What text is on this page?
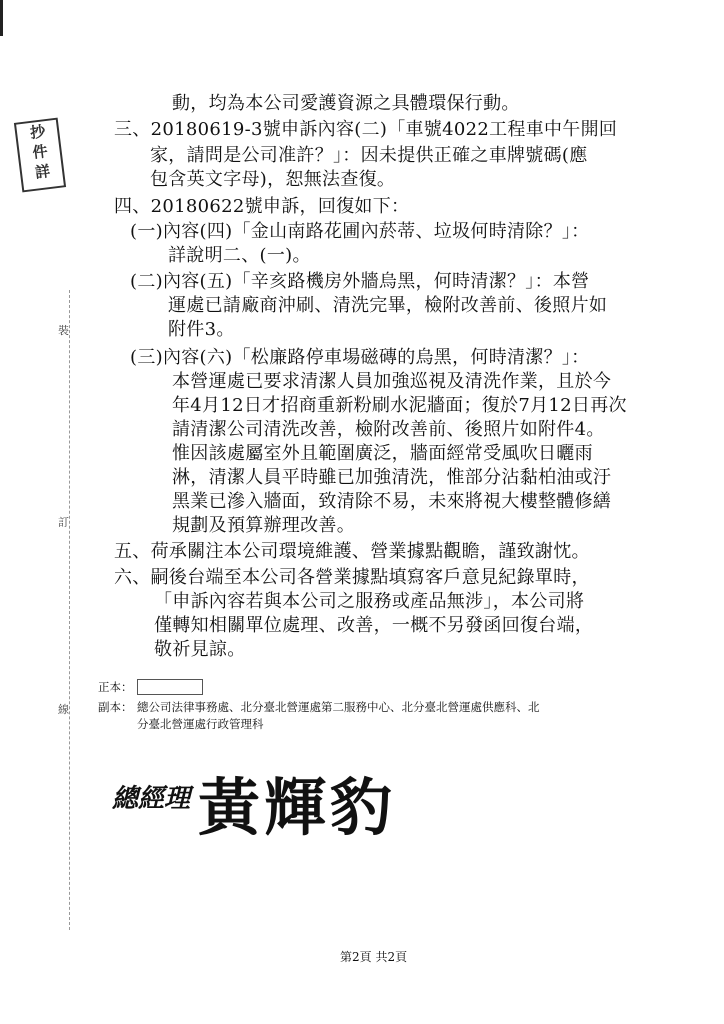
抄
件
詳
裝
訂
線
動，均為本公司愛護資源之具體環保行動。
三、20180619-3號申訴內容(二)「車號4022工程車中午開回
家，請問是公司准許？」：因未提供正確之車牌號碼(應
包含英文字母)，恕無法查復。
四、20180622號申訴，回復如下：
(一)內容(四)「金山南路花圃內菸蒂、垃圾何時清除？」：
詳說明二、(一)。
(二)內容(五)「辛亥路機房外牆烏黑，何時清潔？」：本營
運處已請廠商沖刷、清洗完畢，檢附改善前、後照片如
附件3。
(三)內容(六)「松廉路停車場磁磚的烏黑，何時清潔？」：
本營運處已要求清潔人員加強巡視及清洗作業，且於今
年4月12日才招商重新粉刷水泥牆面；復於7月12日再次
請清潔公司清洗改善，檢附改善前、後照片如附件4。
惟因該處屬室外且範圍廣泛，牆面經常受風吹日曬雨
淋，清潔人員平時雖已加強清洗，惟部分沾黏柏油或汙
黑業已滲入牆面，致清除不易，未來將視大樓整體修繕
規劃及預算辦理改善。
五、荷承關注本公司環境維護、營業據點觀瞻，謹致謝忱。
六、嗣後台端至本公司各營業據點填寫客戶意見紀錄單時，
「申訴內容若與本公司之服務或產品無涉」，本公司將
僅轉知相關單位處理、改善，一概不另發函回復台端，
敬祈見諒。
正本：
副本： 總公司法律事務處、北分臺北營運處第二服務中心、北分臺北營運處供應科、北
分臺北營運處行政管理科
總經理 黃輝豹
第2頁 共2頁
